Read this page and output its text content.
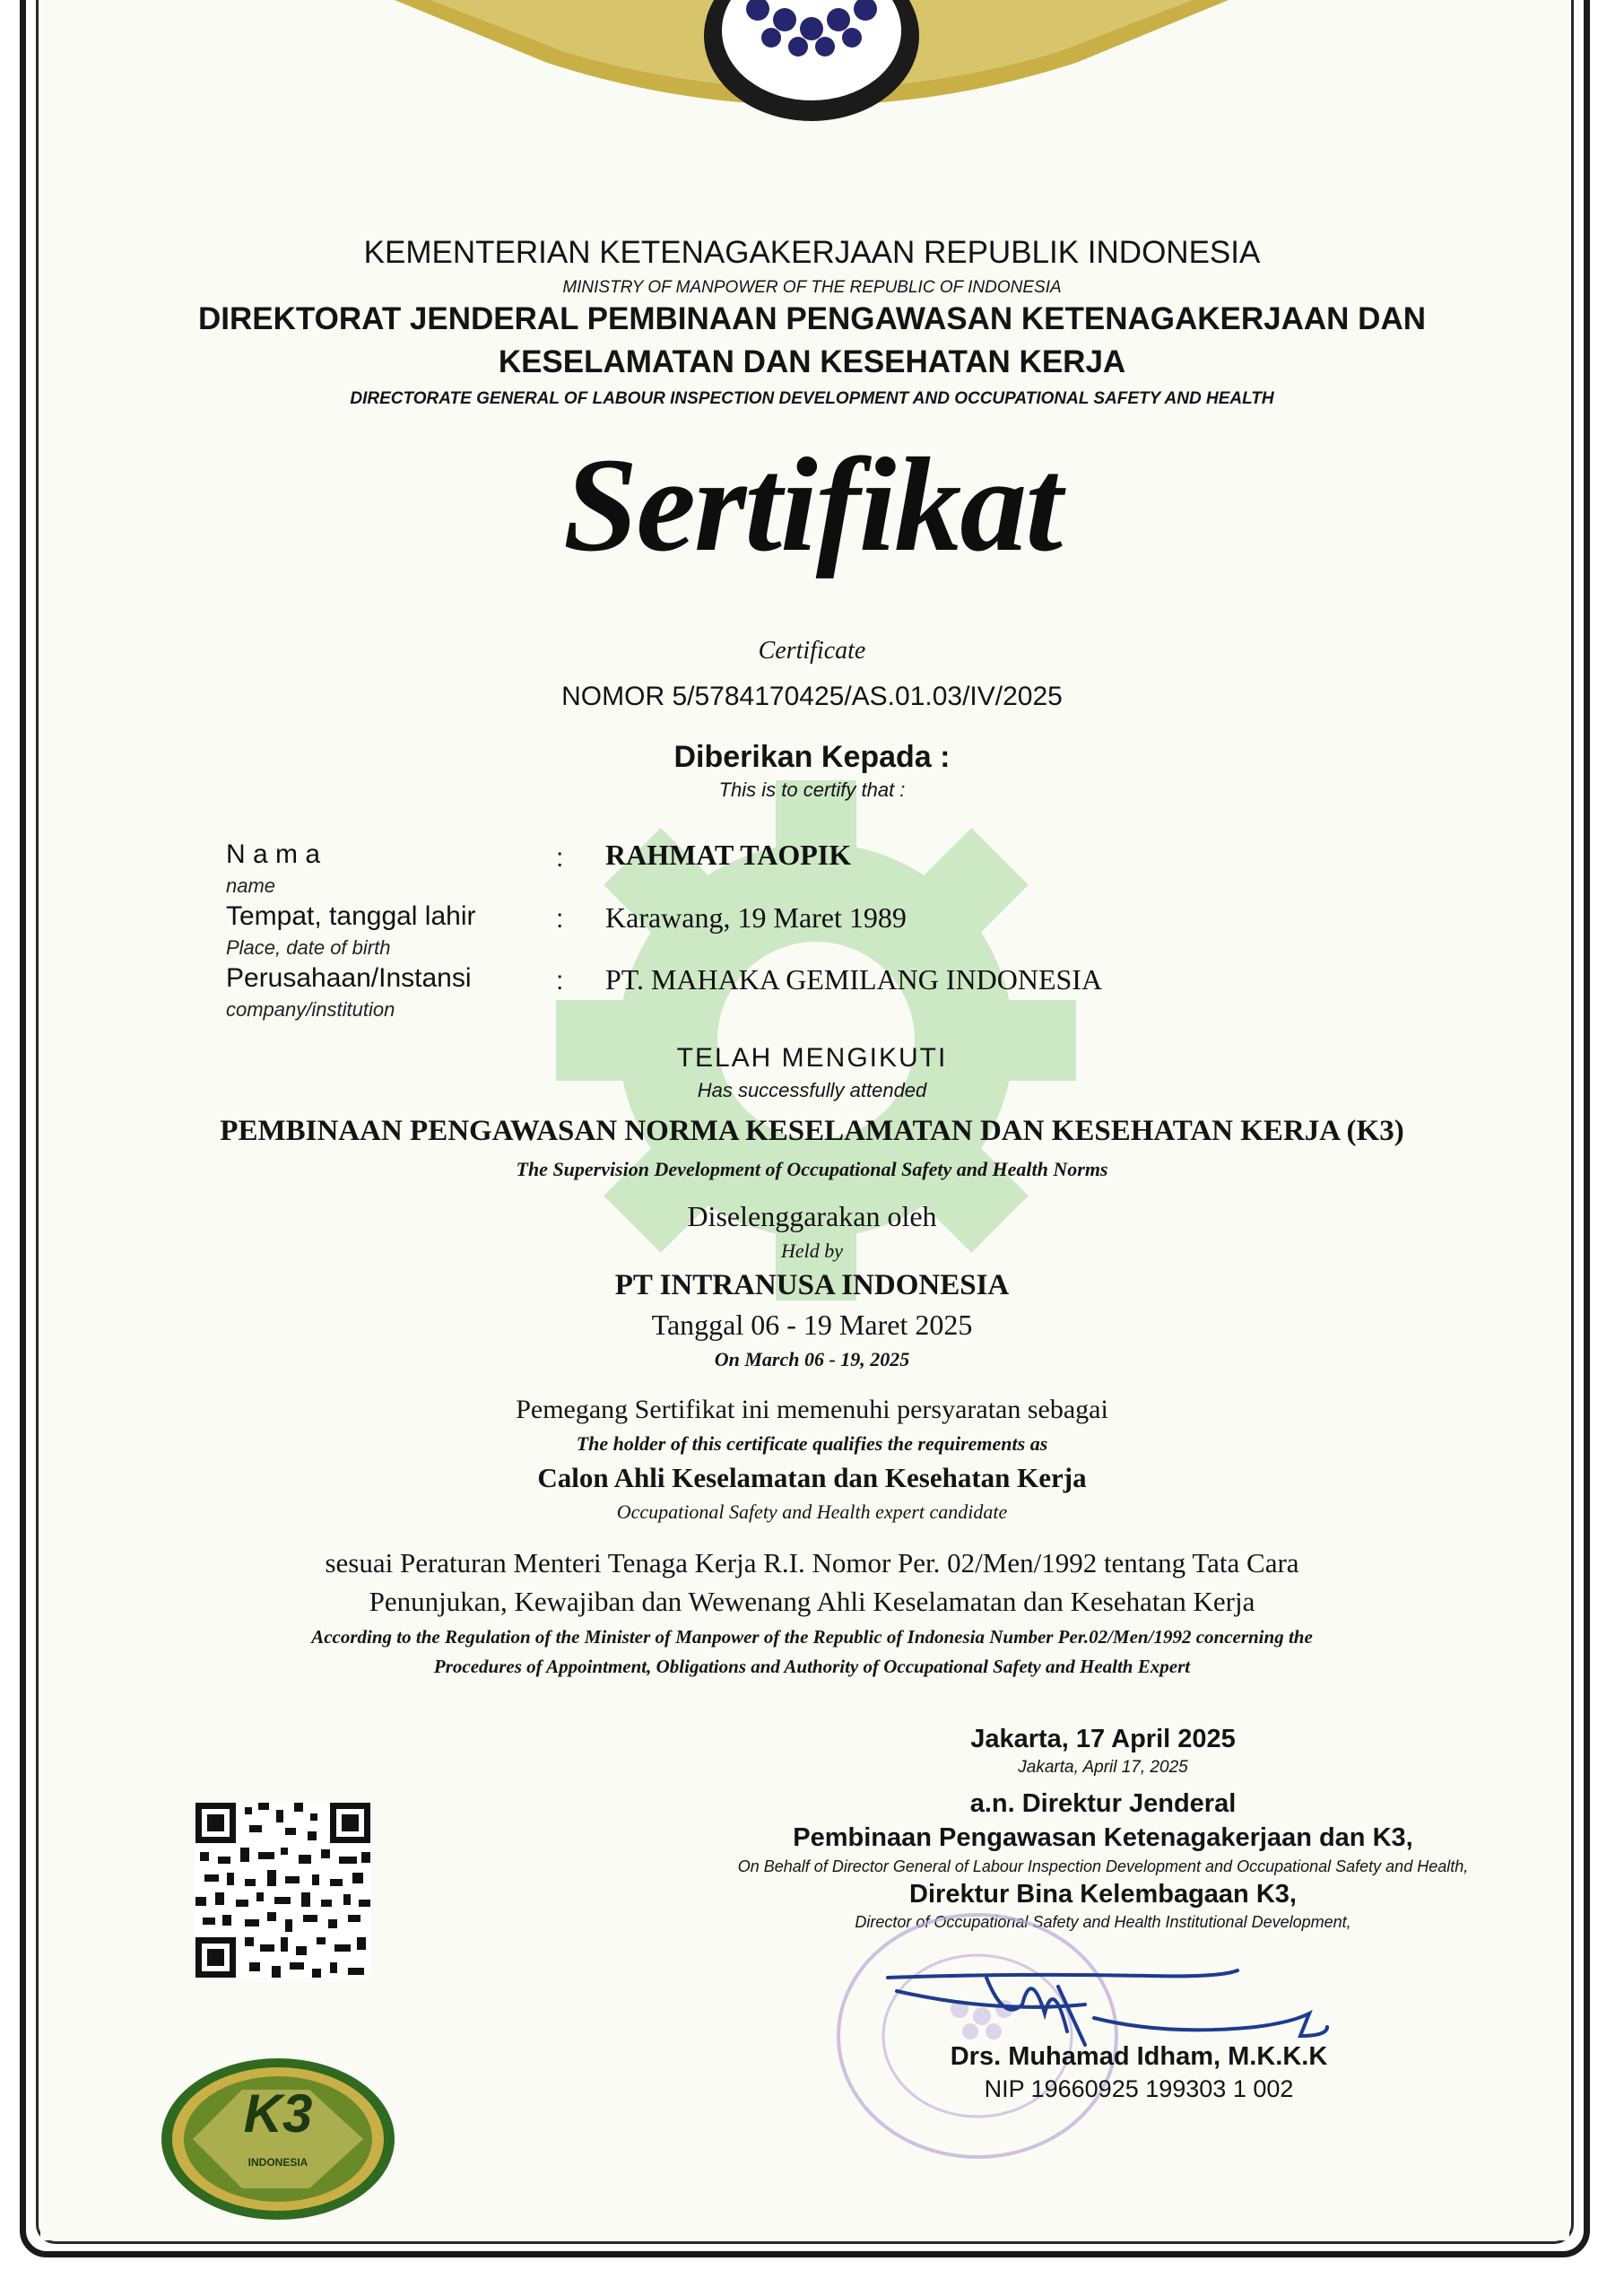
KEMENTERIAN KETENAGAKERJAAN REPUBLIK INDONESIA
MINISTRY OF MANPOWER OF THE REPUBLIC OF INDONESIA
DIREKTORAT JENDERAL PEMBINAAN PENGAWASAN KETENAGAKERJAAN DAN
KESELAMATAN DAN KESEHATAN KERJA
DIRECTORATE GENERAL OF LABOUR INSPECTION DEVELOPMENT AND OCCUPATIONAL SAFETY AND HEALTH
Sertifikat
Certificate
NOMOR 5/5784170425/AS.01.03/IV/2025
Diberikan Kepada :
This is to certify that :
N a m a
name
: RAHMAT TAOPIK
Tempat, tanggal lahir
Place, date of birth
: Karawang, 19 Maret 1989
Perusahaan/Instansi
company/institution
: PT. MAHAKA GEMILANG INDONESIA
TELAH MENGIKUTI
Has successfully attended
PEMBINAAN PENGAWASAN NORMA KESELAMATAN DAN KESEHATAN KERJA (K3)
The Supervision Development of Occupational Safety and Health Norms
Diselenggarakan oleh
Held by
PT INTRANUSA INDONESIA
Tanggal 06 - 19 Maret 2025
On March 06 - 19, 2025
Pemegang Sertifikat ini memenuhi persyaratan sebagai
The holder of this certificate qualifies the requirements as
Calon Ahli Keselamatan dan Kesehatan Kerja
Occupational Safety and Health expert candidate
sesuai Peraturan Menteri Tenaga Kerja R.I. Nomor Per. 02/Men/1992 tentang Tata Cara
Penunjukan, Kewajiban dan Wewenang Ahli Keselamatan dan Kesehatan Kerja
According to the Regulation of the Minister of Manpower of the Republic of Indonesia Number Per.02/Men/1992 concerning the
Procedures of Appointment, Obligations and Authority of Occupational Safety and Health Expert
Jakarta, 17 April 2025
Jakarta, April 17, 2025
a.n. Direktur Jenderal
Pembinaan Pengawasan Ketenagakerjaan dan K3,
On Behalf of Director General of Labour Inspection Development and Occupational Safety and Health,
Direktur Bina Kelembagaan K3,
Director of Occupational Safety and Health Institutional Development,
Drs. Muhamad Idham, M.K.K.K
NIP 19660925 199303 1 002
K3
INDONESIA
